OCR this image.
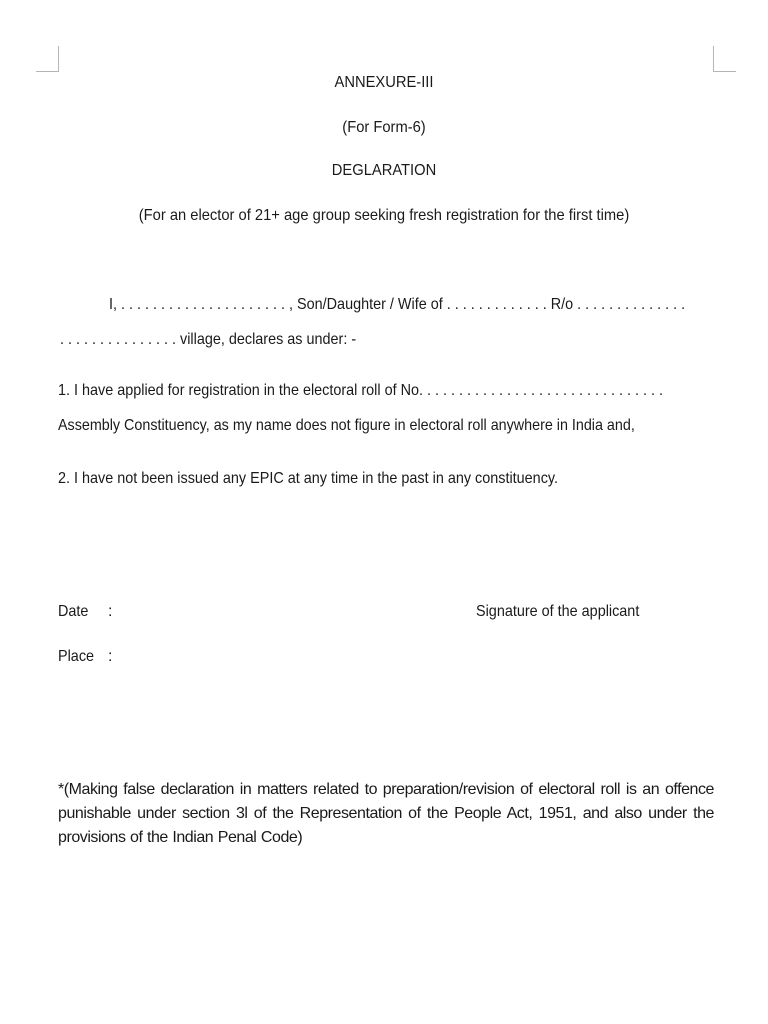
ANNEXURE-III
(For Form-6)
DEGLARATION
(For an elector of 21+ age group seeking fresh registration for the first time)
I, . . . . . . . . . . . . . . . . . . . . . , Son/Daughter / Wife of . . . . . . . . . . . . . R/o . . . . . . . . . . . . . .
. . . . . . . . . . . . . . . village, declares as under: -
1. I have applied for registration in the electoral roll of No. . . . . . . . . . . . . . . . . . . . . . . . . . . . . . .
Assembly Constituency, as my name does not figure in electoral roll anywhere in India and,
2. I have not been issued any EPIC at any time in the past in any constituency.
Date :	Signature of the applicant
Place :
*(Making false declaration in matters related to preparation/revision of electoral roll is an offence punishable under section 3l of the Representation of the People Act, 1951, and also under the provisions of the Indian Penal Code)
